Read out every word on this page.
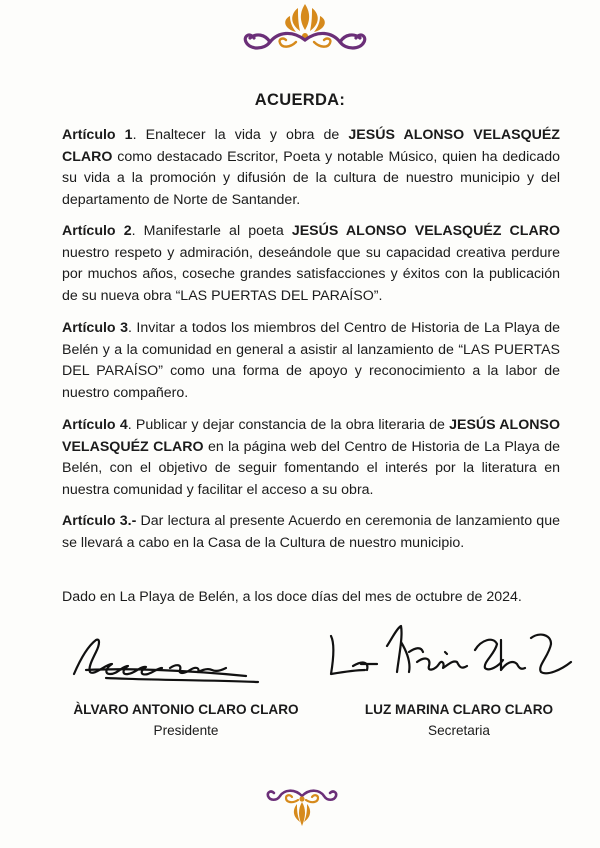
ACUERDA:
Artículo 1. Enaltecer la vida y obra de JESÚS ALONSO VELASQUÉZ CLARO como destacado Escritor, Poeta y notable Músico, quien ha dedicado su vida a la promoción y difusión de la cultura de nuestro municipio y del departamento de Norte de Santander.
Artículo 2. Manifestarle al poeta JESÚS ALONSO VELASQUÉZ CLARO nuestro respeto y admiración, deseándole que su capacidad creativa perdure por muchos años, coseche grandes satisfacciones y éxitos con la publicación de su nueva obra “LAS PUERTAS DEL PARAÍSO”.
Artículo 3. Invitar a todos los miembros del Centro de Historia de La Playa de Belén y a la comunidad en general a asistir al lanzamiento de “LAS PUERTAS DEL PARAÍSO” como una forma de apoyo y reconocimiento a la labor de nuestro compañero.
Artículo 4. Publicar y dejar constancia de la obra literaria de JESÚS ALONSO VELASQUÉZ CLARO en la página web del Centro de Historia de La Playa de Belén, con el objetivo de seguir fomentando el interés por la literatura en nuestra comunidad y facilitar el acceso a su obra.
Artículo 3.- Dar lectura al presente Acuerdo en ceremonia de lanzamiento que se llevará a cabo en la Casa de la Cultura de nuestro municipio.
Dado en La Playa de Belén, a los doce días del mes de octubre de 2024.
ÀLVARO ANTONIO CLARO CLARO
Presidente
LUZ MARINA CLARO CLARO
Secretaria
